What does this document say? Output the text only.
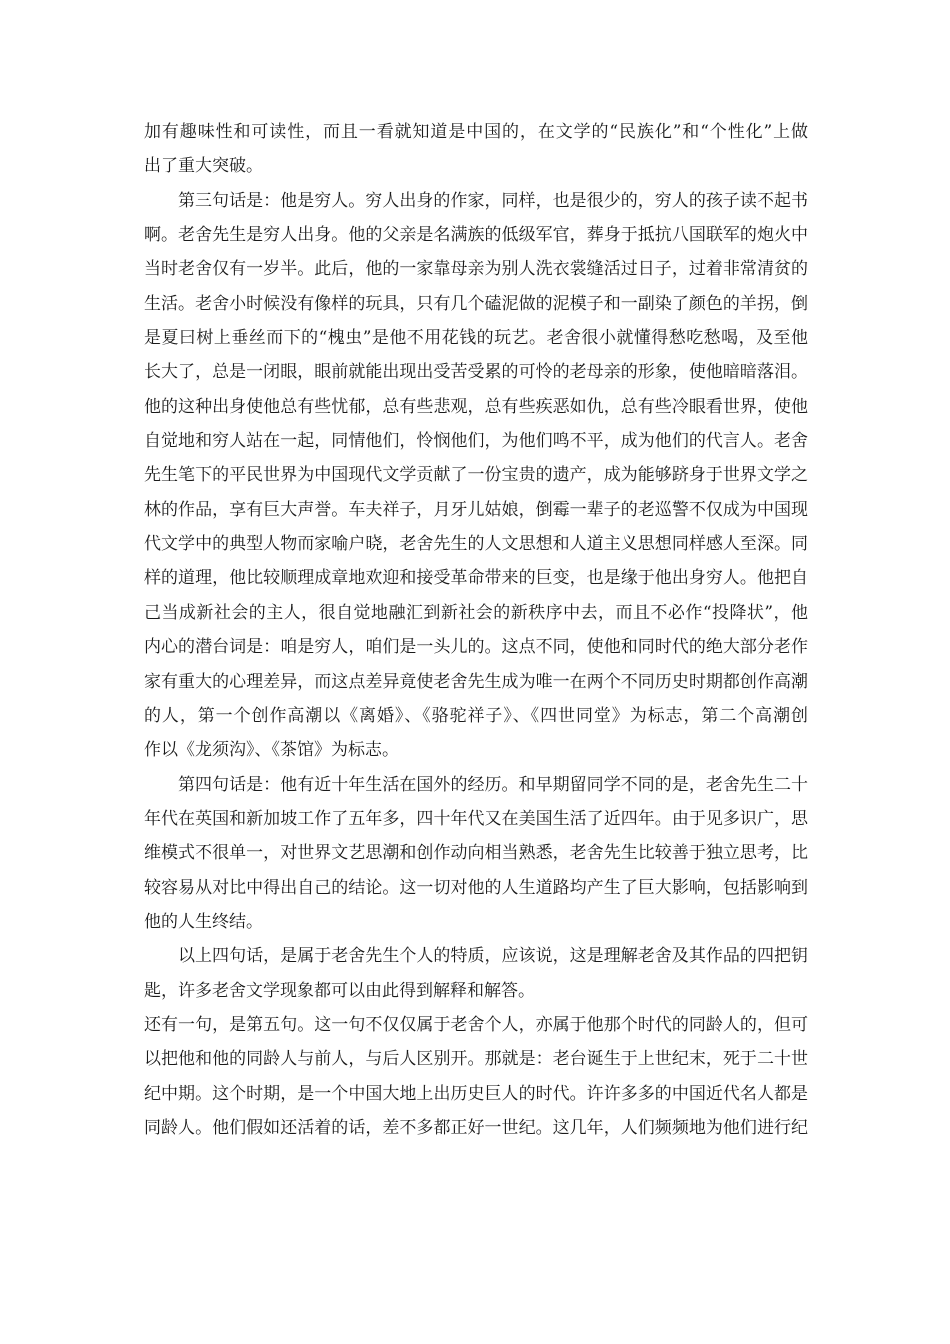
加有趣味性和可读性，而且一看就知道是中国的，在文学的“民族化”和“个性化”上做
出了重大突破。
第三句话是：他是穷人。穷人出身的作家，同样，也是很少的，穷人的孩子读不起书
啊。老舍先生是穷人出身。他的父亲是名满族的低级军官，葬身于抵抗八国联军的炮火中
当时老舍仅有一岁半。此后，他的一家靠母亲为别人洗衣裳缝活过日子，过着非常清贫的
生活。老舍小时候没有像样的玩具，只有几个磕泥做的泥模子和一副染了颜色的羊拐，倒
是夏曰树上垂丝而下的“槐虫”是他不用花钱的玩艺。老舍很小就懂得愁吃愁喝，及至他
长大了，总是一闭眼，眼前就能出现出受苦受累的可怜的老母亲的形象，使他暗暗落泪。
他的这种出身使他总有些忧郁，总有些悲观，总有些疾恶如仇，总有些冷眼看世界，使他
自觉地和穷人站在一起，同情他们，怜悯他们，为他们鸣不平，成为他们的代言人。老舍
先生笔下的平民世界为中国现代文学贡献了一份宝贵的遗产，成为能够跻身于世界文学之
林的作品，享有巨大声誉。车夫祥子，月牙儿姑娘，倒霉一辈子的老巡警不仅成为中国现
代文学中的典型人物而家喻户晓，老舍先生的人文思想和人道主义思想同样感人至深。同
样的道理，他比较顺理成章地欢迎和接受革命带来的巨变，也是缘于他出身穷人。他把自
己当成新社会的主人，很自觉地融汇到新社会的新秩序中去，而且不必作“投降状”，他
内心的潜台词是：咱是穷人，咱们是一头儿的。这点不同，使他和同时代的绝大部分老作
家有重大的心理差异，而这点差异竟使老舍先生成为唯一在两个不同历史时期都创作高潮
的人，第一个创作高潮以《离婚》、《骆驼祥子》、《四世同堂》为标志，第二个高潮创
作以《龙须沟》、《茶馆》为标志。
第四句话是：他有近十年生活在国外的经历。和早期留同学不同的是，老舍先生二十
年代在英国和新加坡工作了五年多，四十年代又在美国生活了近四年。由于见多识广，思
维模式不很单一，对世界文艺思潮和创作动向相当熟悉，老舍先生比较善于独立思考，比
较容易从对比中得出自己的结论。这一切对他的人生道路均产生了巨大影响，包括影响到
他的人生终结。
以上四句话，是属于老舍先生个人的特质，应该说，这是理解老舍及其作品的四把钥
匙，许多老舍文学现象都可以由此得到解释和解答。
还有一句，是第五句。这一句不仅仅属于老舍个人，亦属于他那个时代的同龄人的，但可
以把他和他的同龄人与前人，与后人区别开。那就是：老台诞生于上世纪末，死于二十世
纪中期。这个时期，是一个中国大地上出历史巨人的时代。许许多多的中国近代名人都是
同龄人。他们假如还活着的话，差不多都正好一世纪。这几年，人们频频地为他们进行纪
